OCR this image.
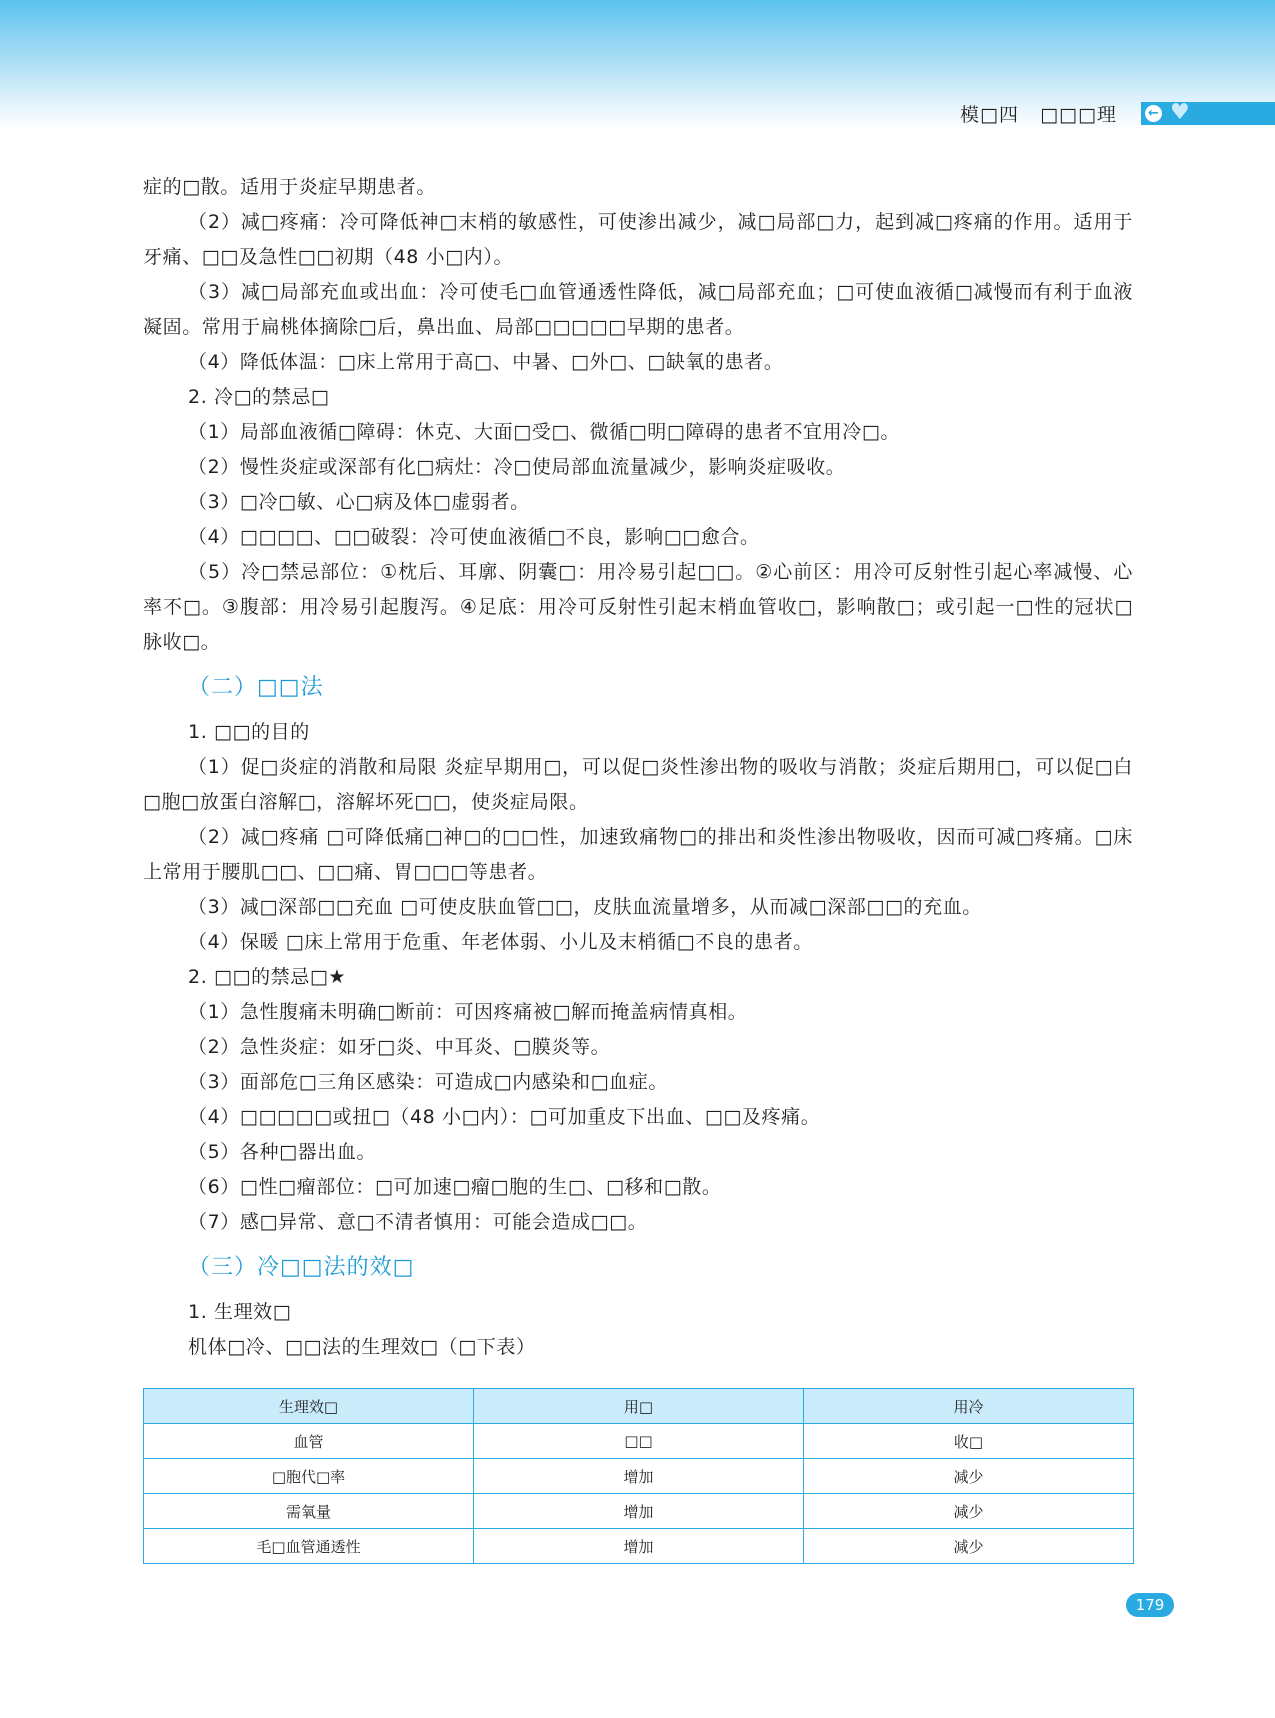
模□四 □□□理 ← ♥

症的□散。适用于炎症早期患者。

（2）减□疼痛：冷可降低神□末梢的敏感性，可使渗出减少，减□局部□力，起到减□疼痛的作用。适用于牙痛、□□及急性□□初期（48 小□内）。

（3）减□局部充血或出血：冷可使毛□血管通透性降低，减□局部充血；□可使血液循□减慢而有利于血液凝固。常用于扁桃体摘除□后，鼻出血、局部□□□□□早期的患者。

（4）降低体温：□床上常用于高□、中暑、□外□、□缺氧的患者。

2. 冷□的禁忌□

（1）局部血液循□障碍：休克、大面□受□、微循□明□障碍的患者不宜用冷□。

（2）慢性炎症或深部有化□病灶：冷□使局部血流量减少，影响炎症吸收。

（3）□冷□敏、心□病及体□虚弱者。

（4）□□□□、□□破裂：冷可使血液循□不良，影响□□愈合。

（5）冷□禁忌部位：①枕后、耳廓、阴囊□：用冷易引起□□。②心前区：用冷可反射性引起心率减慢、心率不□。③腹部：用冷易引起腹泻。④足底：用冷可反射性引起末梢血管收□，影响散□；或引起一□性的冠状□脉收□。

（二）□□法

1. □□的目的

（1）促□炎症的消散和局限 炎症早期用□，可以促□炎性渗出物的吸收与消散；炎症后期用□，可以促□白□胞□放蛋白溶解□，溶解坏死□□，使炎症局限。

（2）减□疼痛 □可降低痛□神□的□□性，加速致痛物□的排出和炎性渗出物吸收，因而可减□疼痛。□床上常用于腰肌□□、□□痛、胃□□□等患者。

（3）减□深部□□充血 □可使皮肤血管□□，皮肤血流量增多，从而减□深部□□的充血。

（4）保暖 □床上常用于危重、年老体弱、小儿及末梢循□不良的患者。

2. □□的禁忌□★

（1）急性腹痛未明确□断前：可因疼痛被□解而掩盖病情真相。

（2）急性炎症：如牙□炎、中耳炎、□膜炎等。

（3）面部危□三角区感染：可造成□内感染和□血症。

（4）□□□□□或扭□（48 小□内）：□可加重皮下出血、□□及疼痛。

（5）各种□器出血。

（6）□性□瘤部位：□可加速□瘤□胞的生□、□移和□散。

（7）感□异常、意□不清者慎用：可能会造成□□。

（三）冷□□法的效□

1. 生理效□

机体□冷、□□法的生理效□（□下表）

生理效□	用□	用冷
血管	□□	收□
□胞代□率	增加	减少
需氧量	增加	减少
毛□血管通透性	增加	减少
179
